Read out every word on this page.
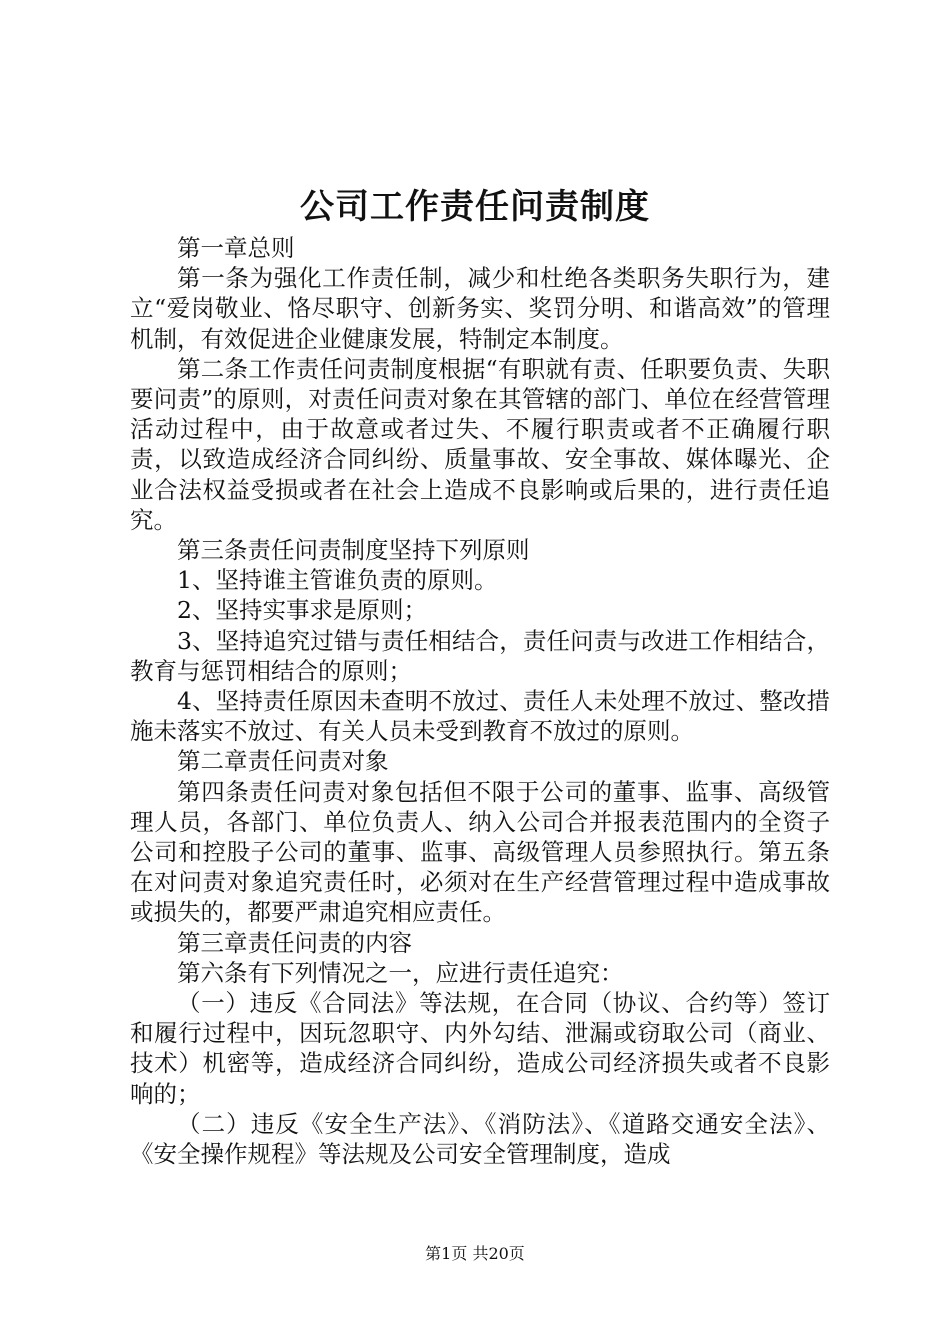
公司工作责任问责制度

第一章总则

第一条为强化工作责任制，减少和杜绝各类职务失职行为，建立“爱岗敬业、恪尽职守、创新务实、奖罚分明、和谐高效”的管理机制，有效促进企业健康发展，特制定本制度。

第二条工作责任问责制度根据“有职就有责、任职要负责、失职要问责”的原则，对责任问责对象在其管辖的部门、单位在经营管理活动过程中，由于故意或者过失、不履行职责或者不正确履行职责，以致造成经济合同纠纷、质量事故、安全事故、媒体曝光、企业合法权益受损或者在社会上造成不良影响或后果的，进行责任追究。

第三条责任问责制度坚持下列原则

1、坚持谁主管谁负责的原则。

2、坚持实事求是原则；

3、坚持追究过错与责任相结合，责任问责与改进工作相结合，教育与惩罚相结合的原则；

4、坚持责任原因未查明不放过、责任人未处理不放过、整改措施未落实不放过、有关人员未受到教育不放过的原则。

第二章责任问责对象

第四条责任问责对象包括但不限于公司的董事、监事、高级管理人员，各部门、单位负责人、纳入公司合并报表范围内的全资子公司和控股子公司的董事、监事、高级管理人员参照执行。第五条在对问责对象追究责任时，必须对在生产经营管理过程中造成事故或损失的，都要严肃追究相应责任。

第三章责任问责的内容

第六条有下列情况之一，应进行责任追究：

（一）违反《合同法》等法规，在合同（协议、合约等）签订和履行过程中，因玩忽职守、内外勾结、泄漏或窃取公司（商业、技术）机密等，造成经济合同纠纷，造成公司经济损失或者不良影响的；

（二）违反《安全生产法》、《消防法》、《道路交通安全法》、《安全操作规程》等法规及公司安全管理制度，造成

第1页 共20页
